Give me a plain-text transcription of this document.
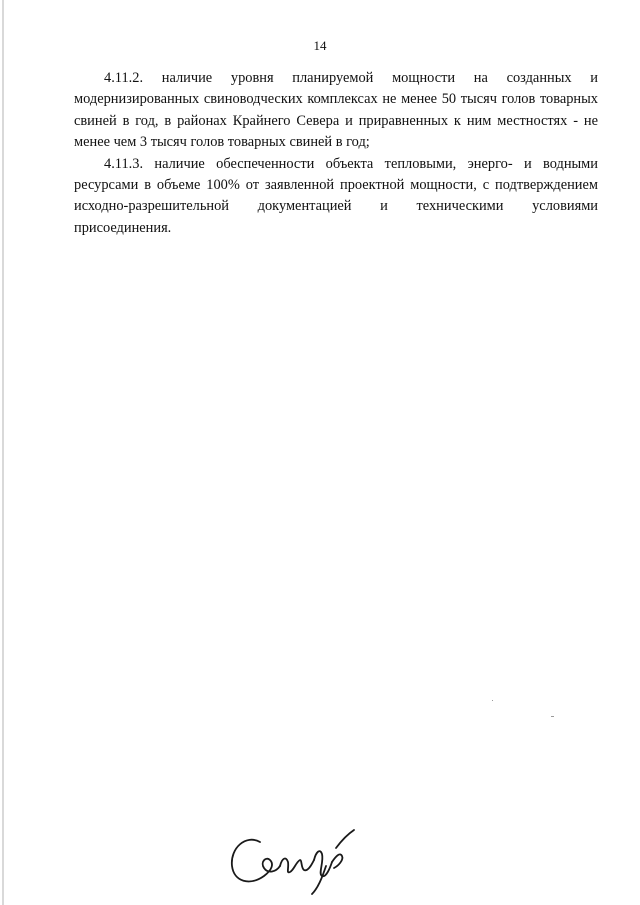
14

4.11.2. наличие уровня планируемой мощности на созданных и модернизированных свиноводческих комплексах не менее 50 тысяч голов товарных свиней в год, в районах Крайнего Севера и приравненных к ним местностях - не менее чем 3 тысяч голов товарных свиней в год;

4.11.3. наличие обеспеченности объекта тепловыми, энерго- и водными ресурсами в объеме 100% от заявленной проектной мощности, с подтверждением исходно-разрешительной документацией и техническими условиями присоединения.
